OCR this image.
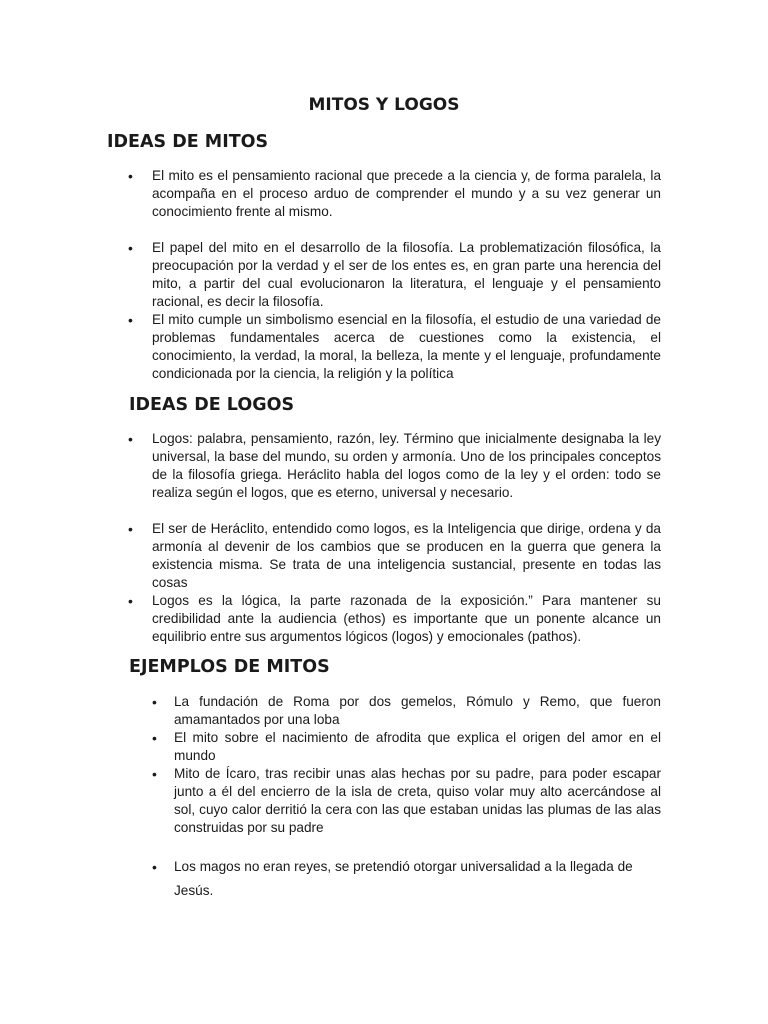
MITOS Y LOGOS
IDEAS DE MITOS
• El mito es el pensamiento racional que precede a la ciencia y, de forma paralela, la acompaña en el proceso arduo de comprender el mundo y a su vez generar un conocimiento frente al mismo.
• El papel del mito en el desarrollo de la filosofía. La problematización filosófica, la preocupación por la verdad y el ser de los entes es, en gran parte una herencia del mito, a partir del cual evolucionaron la literatura, el lenguaje y el pensamiento racional, es decir la filosofía.
• El mito cumple un simbolismo esencial en la filosofía, el estudio de una variedad de problemas fundamentales acerca de cuestiones como la existencia, el conocimiento, la verdad, la moral, la belleza, la mente y el lenguaje, profundamente condicionada por la ciencia, la religión y la política
IDEAS DE LOGOS
• Logos: palabra, pensamiento, razón, ley. Término que inicialmente designaba la ley universal, la base del mundo, su orden y armonía. Uno de los principales conceptos de la filosofía griega. Heráclito habla del logos como de la ley y el orden: todo se realiza según el logos, que es eterno, universal y necesario.
• El ser de Heráclito, entendido como logos, es la Inteligencia que dirige, ordena y da armonía al devenir de los cambios que se producen en la guerra que genera la existencia misma. Se trata de una inteligencia sustancial, presente en todas las cosas
• Logos es la lógica, la parte razonada de la exposición.” Para mantener su credibilidad ante la audiencia (ethos) es importante que un ponente alcance un equilibrio entre sus argumentos lógicos (logos) y emocionales (pathos).
EJEMPLOS DE MITOS
• La fundación de Roma por dos gemelos, Rómulo y Remo, que fueron amamantados por una loba
• El mito sobre el nacimiento de afrodita que explica el origen del amor en el mundo
• Mito de Ícaro, tras recibir unas alas hechas por su padre, para poder escapar junto a él del encierro de la isla de creta, quiso volar muy alto acercándose al sol, cuyo calor derritió la cera con las que estaban unidas las plumas de las alas construidas por su padre
• Los magos no eran reyes, se pretendió otorgar universalidad a la llegada de Jesús.
